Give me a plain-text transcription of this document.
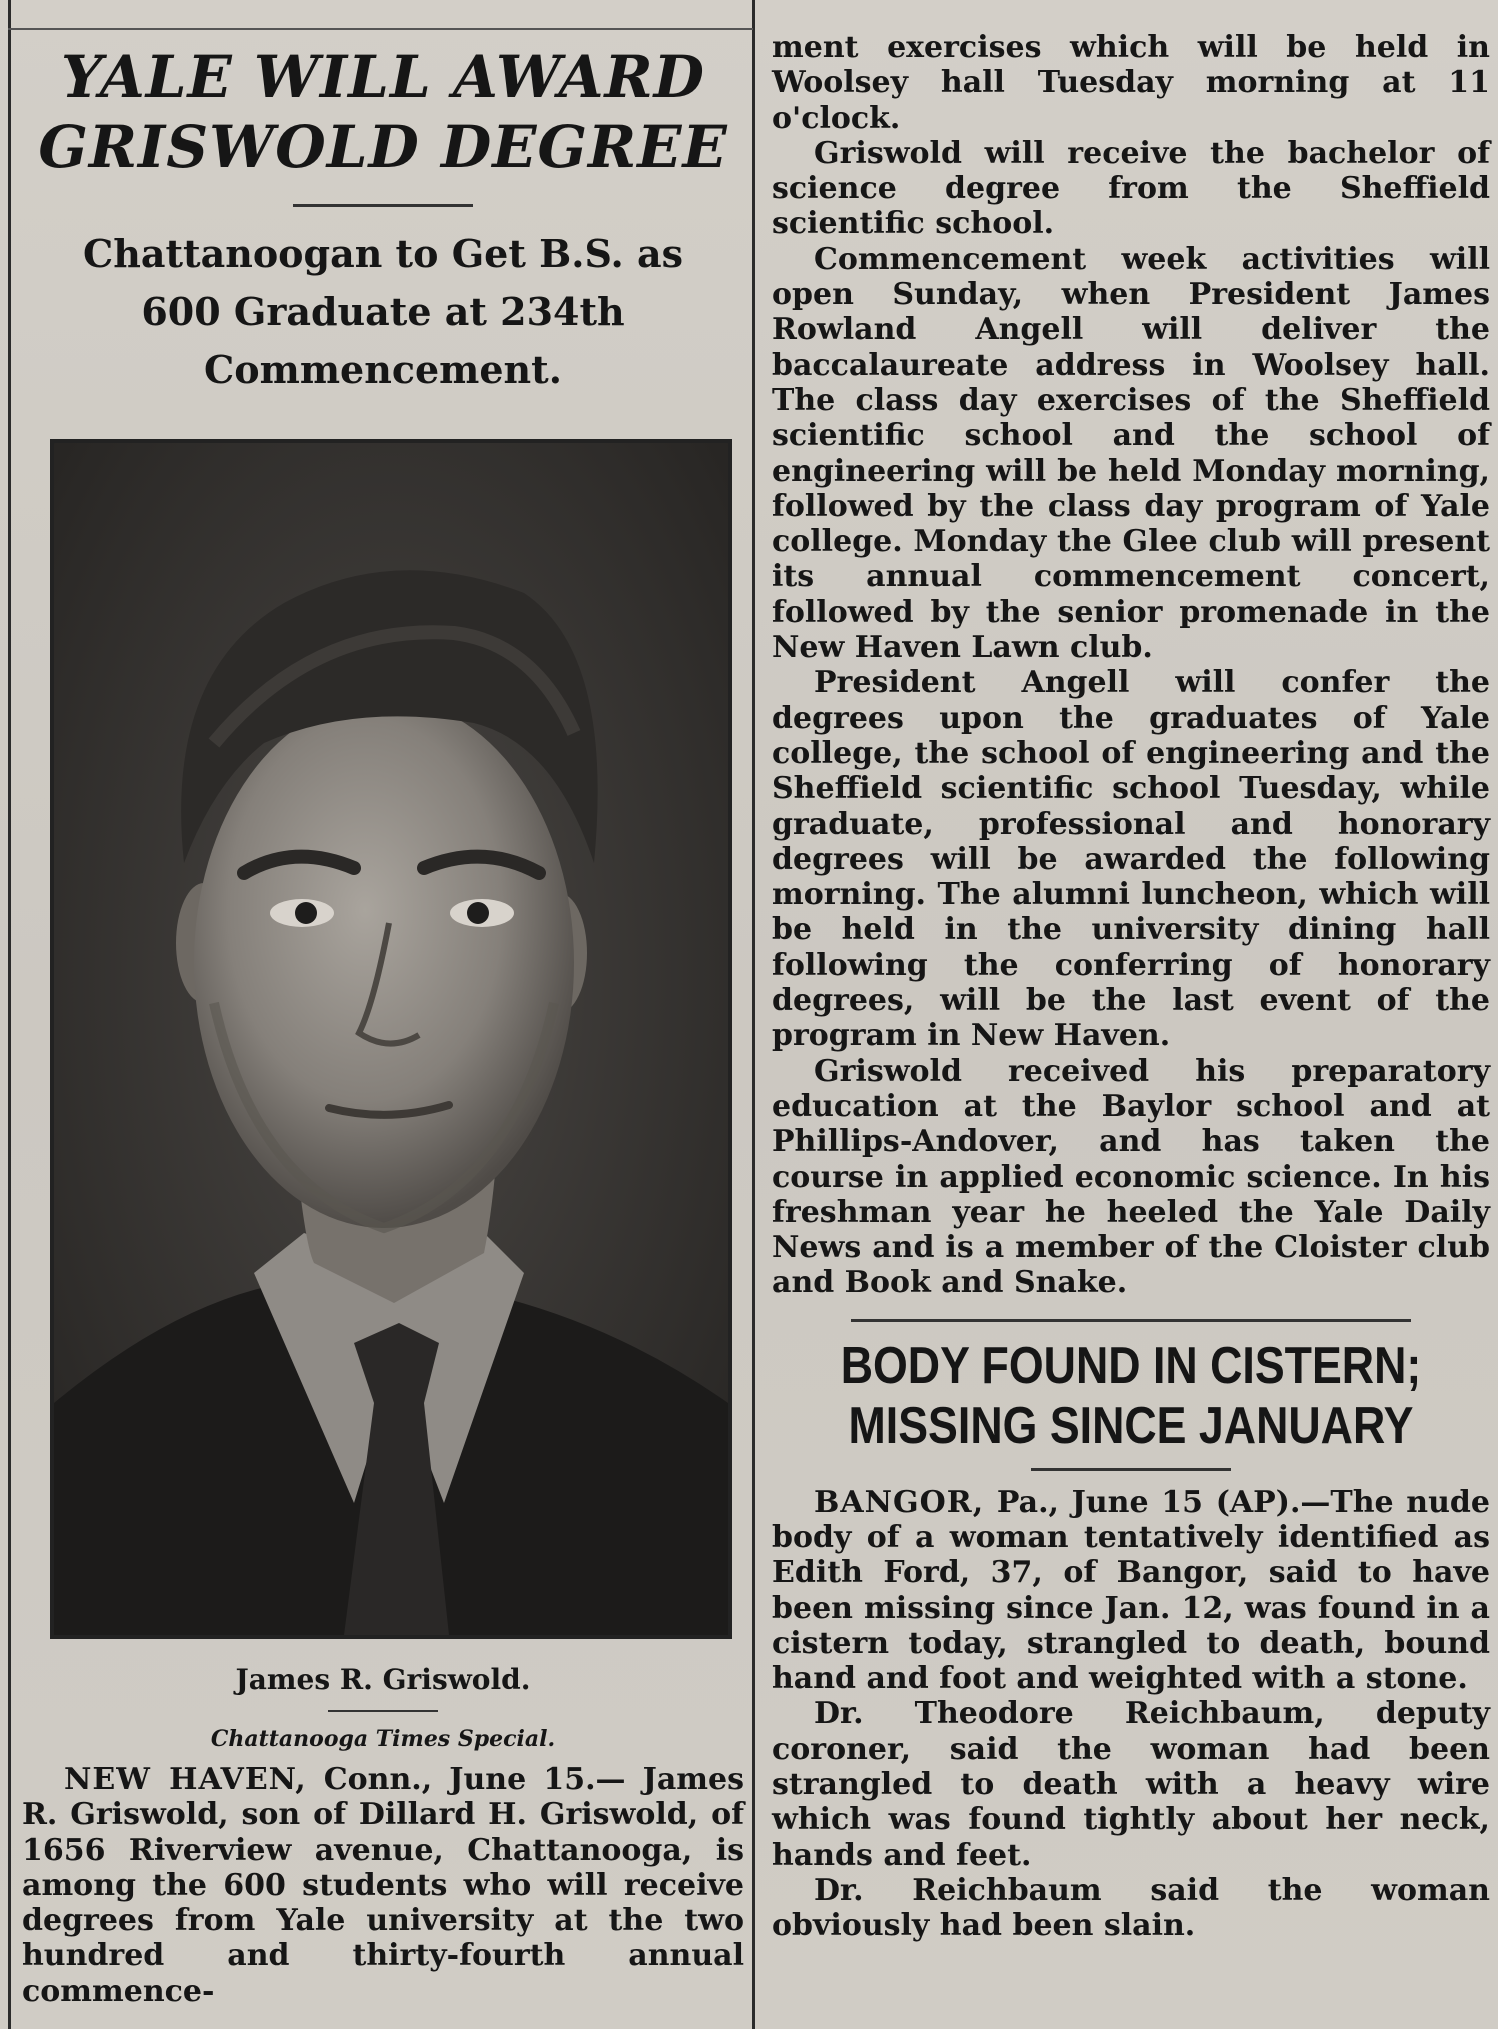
YALE WILL AWARD
GRISWOLD DEGREE
Chattanoogan to Get B.S. as
600 Graduate at 234th
Commencement.
James R. Griswold.
Chattanooga Times Special.

NEW HAVEN, Conn., June 15.— James R. Griswold, son of Dillard H. Griswold, of 1656 Riverview avenue, Chattanooga, is among the 600 students who will receive degrees from Yale university at the two hundred and thirty-fourth annual commence-

ment exercises which will be held in Woolsey hall Tuesday morning at 11 o'clock.

Griswold will receive the bachelor of science degree from the Sheffield scientific school.

Commencement week activities will open Sunday, when President James Rowland Angell will deliver the baccalaureate address in Woolsey hall. The class day exercises of the Sheffield scientific school and the school of engineering will be held Monday morning, followed by the class day program of Yale college. Monday the Glee club will present its annual commencement concert, followed by the senior promenade in the New Haven Lawn club.

President Angell will confer the degrees upon the graduates of Yale college, the school of engineering and the Sheffield scientific school Tuesday, while graduate, professional and honorary degrees will be awarded the following morning. The alumni luncheon, which will be held in the university dining hall following the conferring of honorary degrees, will be the last event of the program in New Haven.

Griswold received his preparatory education at the Baylor school and at Phillips-Andover, and has taken the course in applied economic science. In his freshman year he heeled the Yale Daily News and is a member of the Cloister club and Book and Snake.

BODY FOUND IN CISTERN;
MISSING SINCE JANUARY

BANGOR, Pa., June 15 (AP).—The nude body of a woman tentatively identified as Edith Ford, 37, of Bangor, said to have been missing since Jan. 12, was found in a cistern today, strangled to death, bound hand and foot and weighted with a stone.

Dr. Theodore Reichbaum, deputy coroner, said the woman had been strangled to death with a heavy wire which was found tightly about her neck, hands and feet.

Dr. Reichbaum said the woman obviously had been slain.
